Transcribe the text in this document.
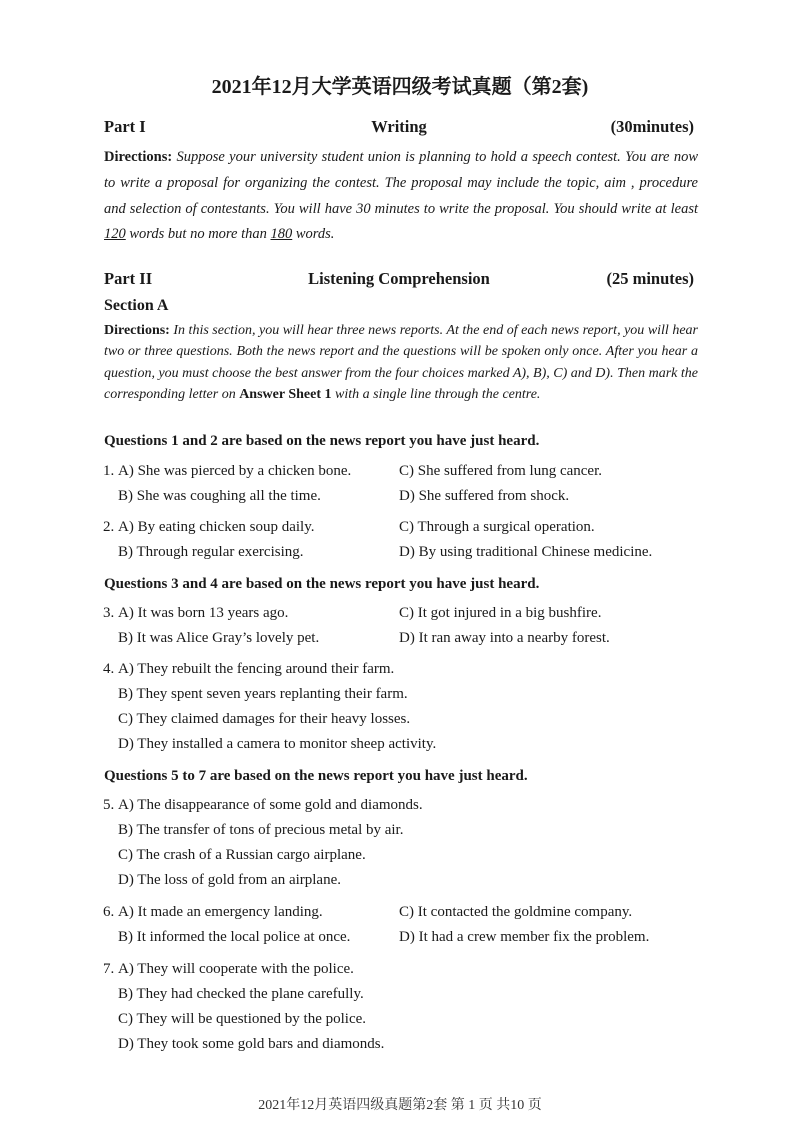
2021年12月大学英语四级考试真题（第2套)
Part I	Writing	(30minutes)
Directions: Suppose your university student union is planning to hold a speech contest. You are now to write a proposal for organizing the contest. The proposal may include the topic, aim , procedure and selection of contestants. You will have 30 minutes to write the proposal. You should write at least 120 words but no more than 180 words.
Part II	Listening Comprehension	(25 minutes)
Section A
Directions: In this section, you will hear three news reports. At the end of each news report, you will hear two or three questions. Both the news report and the questions will be spoken only once. After you hear a question, you must choose the best answer from the four choices marked A), B), C) and D). Then mark the corresponding letter on Answer Sheet 1 with a single line through the centre.
Questions 1 and 2 are based on the news report you have just heard.
Questions 3 and 4 are based on the news report you have just heard.
Questions 5 to 7 are based on the news report you have just heard.
1. A) She was pierced by a chicken bone.
B) She was coughing all the time.
C) She suffered from lung cancer.
D) She suffered from shock.
2. A) By eating chicken soup daily.
B) Through regular exercising.
C) Through a surgical operation.
D) By using traditional Chinese medicine.
3. A) It was born 13 years ago.
B) It was Alice Gray’s lovely pet.
C) It got injured in a big bushfire.
D) It ran away into a nearby forest.
4. A) They rebuilt the fencing around their farm.
B) They spent seven years replanting their farm.
C) They claimed damages for their heavy losses.
D) They installed a camera to monitor sheep activity.
5. A) The disappearance of some gold and diamonds.
B) The transfer of tons of precious metal by air.
C) The crash of a Russian cargo airplane.
D) The loss of gold from an airplane.
6. A) It made an emergency landing.
B) It informed the local police at once.
C) It contacted the goldmine company.
D) It had a crew member fix the problem.
7. A) They will cooperate with the police.
B) They had checked the plane carefully.
C) They will be questioned by the police.
D) They took some gold bars and diamonds.
2021年12月英语四级真题第2套 第 1 页 共10 页
